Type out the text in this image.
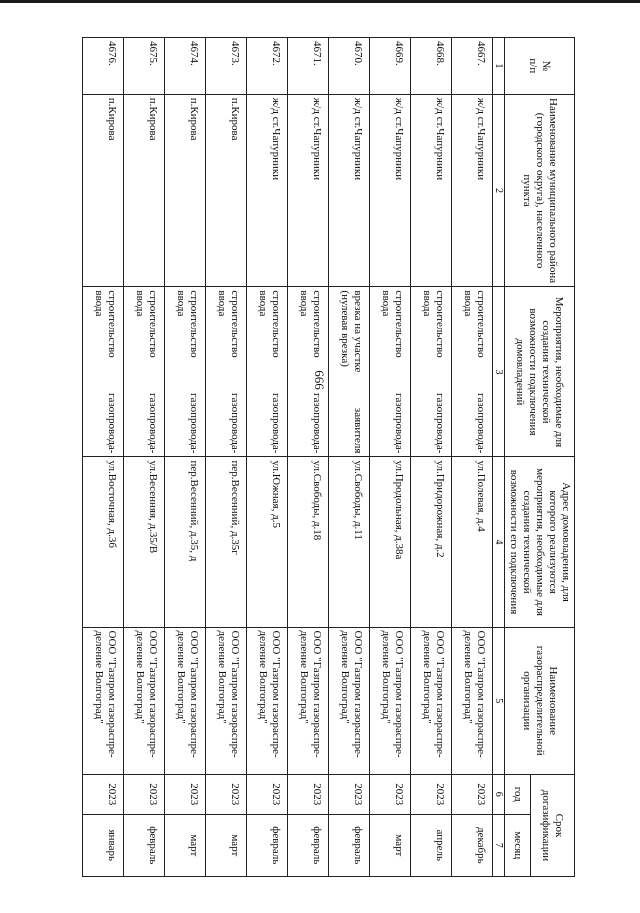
666
№
п/п	Наименование муниципального района (городского округа), населенного пункта	Мероприятия, необходимые для создания технической возможности подключения домовладений	Адрес домовладения, для которого реализуются мероприятия, необходимые для создания технической возможности его подключения	Наименование газораспределительной организации	Срок догазификации	
					год	месяц
1	2	3	4	5	6	7
4667.	ж/д ст.Чапурники	строительство
газопровода-
ввода	ул.Полевая, д.4	ООО "Газпром газораспре-деление Волгоград"	2023	декабрь
4668.	ж/д ст.Чапурники	строительство
газопровода-
ввода	ул.Придорожная, д.2	ООО "Газпром газораспре-деление Волгоград"	2023	апрель
4669.	ж/д ст.Чапурники	строительство
газопровода-
ввода	ул.Продольная, д.38а	ООО "Газпром газораспре-деление Волгоград"	2023	март
4670.	ж/д ст.Чапурники	врезка на участке
заявителя
(нулевая врезка)	ул.Свободы, д.11	ООО "Газпром газораспре-деление Волгоград"	2023	февраль
4671.	ж/д ст.Чапурники	строительство
газопровода-
ввода	ул.Свободы, д.18	ООО "Газпром газораспре-деление Волгоград"	2023	февраль
4672.	ж/д ст.Чапурники	строительство
газопровода-
ввода	ул.Южная, д.5	ООО "Газпром газораспре-деление Волгоград"	2023	февраль
4673.	п.Кирова	строительство
газопровода-
ввода	пер.Весенний, д.35г	ООО "Газпром газораспре-деление Волгоград"	2023	март
4674.	п.Кирова	строительство
газопровода-
ввода	пер.Весенний, д.35, д	ООО "Газпром газораспре-деление Волгоград"	2023	март
4675.	п.Кирова	строительство
газопровода-
ввода	ул.Весенняя, д.35/В	ООО "Газпром газораспре-деление Волгоград"	2023	февраль
4676.	п.Кирова	строительство
газопровода-
ввода	ул.Восточная, д.3б	ООО "Газпром газораспре-деление Волгоград"	2023	январь
